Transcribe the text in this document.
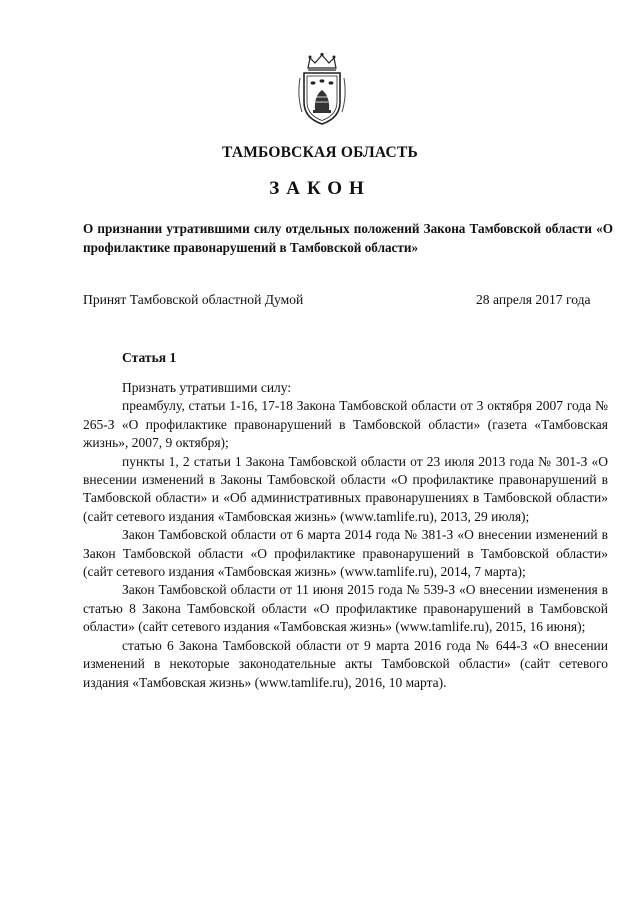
ТАМБОВСКАЯ ОБЛАСТЬ
ЗАКОН
О признании утратившими силу отдельных положений Закона Тамбовской области «О профилактике правонарушений в Тамбовской области»
Принят Тамбовской областной Думой	28 апреля 2017 года
Статья 1

Признать утратившими силу:

преамбулу, статьи 1-16, 17-18 Закона Тамбовской области от 3 октября 2007 года № 265-З «О профилактике правонарушений в Тамбовской области» (газета «Тамбовская жизнь», 2007, 9 октября);

пункты 1, 2 статьи 1 Закона Тамбовской области от 23 июля 2013 года № 301-З «О внесении изменений в Законы Тамбовской области «О профилактике правонарушений в Тамбовской области» и «Об административных правонарушениях в Тамбовской области» (сайт сетевого издания «Тамбовская жизнь» (www.tamlife.ru), 2013, 29 июля);

Закон Тамбовской области от 6 марта 2014 года № 381-З «О внесении изменений в Закон Тамбовской области «О профилактике правонарушений в Тамбовской области» (сайт сетевого издания «Тамбовская жизнь» (www.tamlife.ru), 2014, 7 марта);

Закон Тамбовской области от 11 июня 2015 года № 539-З «О внесении изменения в статью 8 Закона Тамбовской области «О профилактике правонарушений в Тамбовской области» (сайт сетевого издания «Тамбовская жизнь» (www.tamlife.ru), 2015, 16 июня);

статью 6 Закона Тамбовской области от 9 марта 2016 года № 644-З «О внесении изменений в некоторые законодательные акты Тамбовской области» (сайт сетевого издания «Тамбовская жизнь» (www.tamlife.ru), 2016, 10 марта).
